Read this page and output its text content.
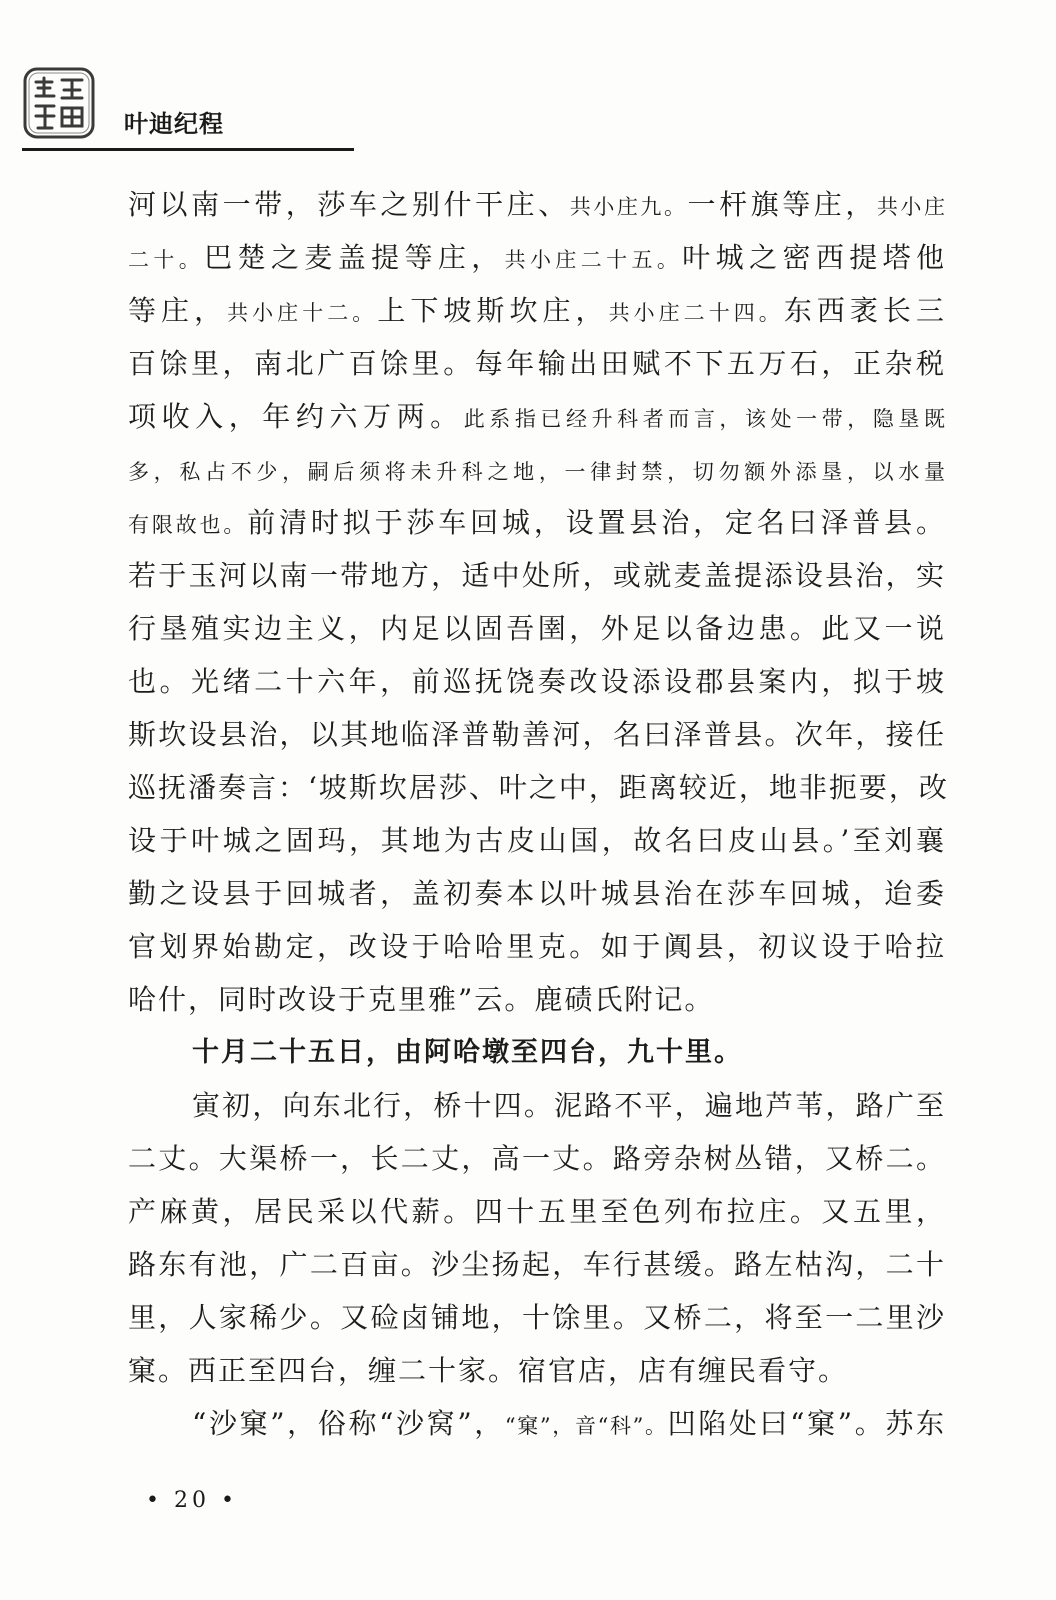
叶迪纪程
河以南一带，莎车之别什干庄、共小庄九。一杆旗等庄，共小庄
二十。巴楚之麦盖提等庄，共小庄二十五。叶城之密西提塔他
等庄，共小庄十二。上下坡斯坎庄，共小庄二十四。东西袤长三
百馀里，南北广百馀里。每年输出田赋不下五万石，正杂税
项收入，年约六万两。此系指已经升科者而言，该处一带，隐垦既
多，私占不少，嗣后须将未升科之地，一律封禁，切勿额外添垦，以水量
有限故也。前清时拟于莎车回城，设置县治，定名曰泽普县。
若于玉河以南一带地方，适中处所，或就麦盖提添设县治，实
行垦殖实边主义，内足以固吾圉，外足以备边患。此又一说
也。光绪二十六年，前巡抚饶奏改设添设郡县案内，拟于坡
斯坎设县治，以其地临泽普勒善河，名曰泽普县。次年，接任
巡抚潘奏言：‘坡斯坎居莎、叶之中，距离较近，地非扼要，改
设于叶城之固玛，其地为古皮山国，故名曰皮山县。’至刘襄
勤之设县于回城者，盖初奏本以叶城县治在莎车回城，迨委
官划界始勘定，改设于哈哈里克。如于阗县，初议设于哈拉
哈什，同时改设于克里雅”云。鹿碛氏附记。
十月二十五日，由阿哈墩至四台，九十里。
寅初，向东北行，桥十四。泥路不平，遍地芦苇，路广至
二丈。大渠桥一，长二丈，高一丈。路旁杂树丛错，又桥二。
产麻黄，居民采以代薪。四十五里至色列布拉庄。又五里，
路东有池，广二百亩。沙尘扬起，车行甚缓。路左枯沟，二十
里，人家稀少。又硷卤铺地，十馀里。又桥二，将至一二里沙
窠。西正至四台，缠二十家。宿官店，店有缠民看守。
“沙窠”，俗称“沙窝”，“窠”，音“科”。凹陷处曰“窠”。苏东
• 20 •
